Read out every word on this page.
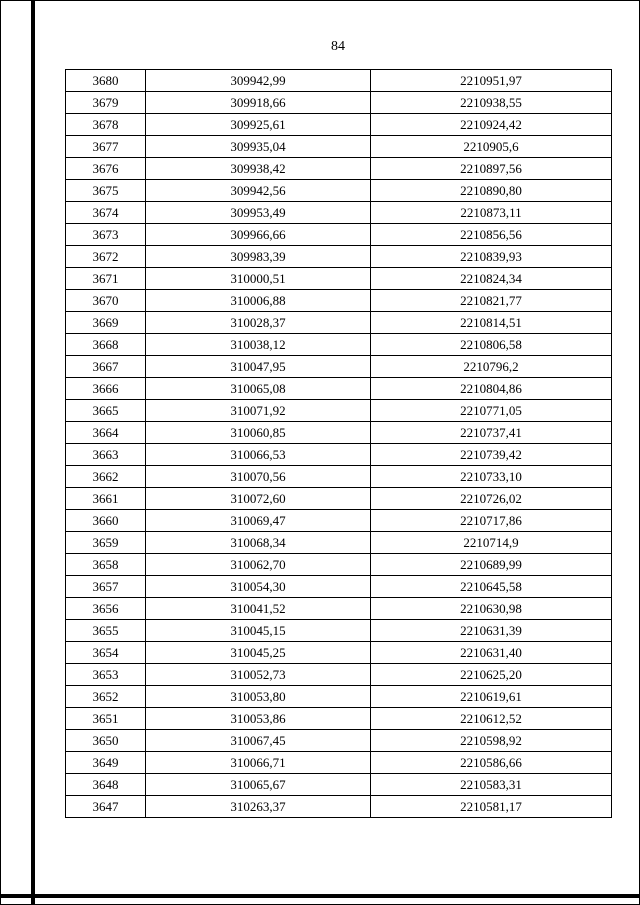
84
3680	309942,99	2210951,97
3679	309918,66	2210938,55
3678	309925,61	2210924,42
3677	309935,04	2210905,6
3676	309938,42	2210897,56
3675	309942,56	2210890,80
3674	309953,49	2210873,11
3673	309966,66	2210856,56
3672	309983,39	2210839,93
3671	310000,51	2210824,34
3670	310006,88	2210821,77
3669	310028,37	2210814,51
3668	310038,12	2210806,58
3667	310047,95	2210796,2
3666	310065,08	2210804,86
3665	310071,92	2210771,05
3664	310060,85	2210737,41
3663	310066,53	2210739,42
3662	310070,56	2210733,10
3661	310072,60	2210726,02
3660	310069,47	2210717,86
3659	310068,34	2210714,9
3658	310062,70	2210689,99
3657	310054,30	2210645,58
3656	310041,52	2210630,98
3655	310045,15	2210631,39
3654	310045,25	2210631,40
3653	310052,73	2210625,20
3652	310053,80	2210619,61
3651	310053,86	2210612,52
3650	310067,45	2210598,92
3649	310066,71	2210586,66
3648	310065,67	2210583,31
3647	310263,37	2210581,17
